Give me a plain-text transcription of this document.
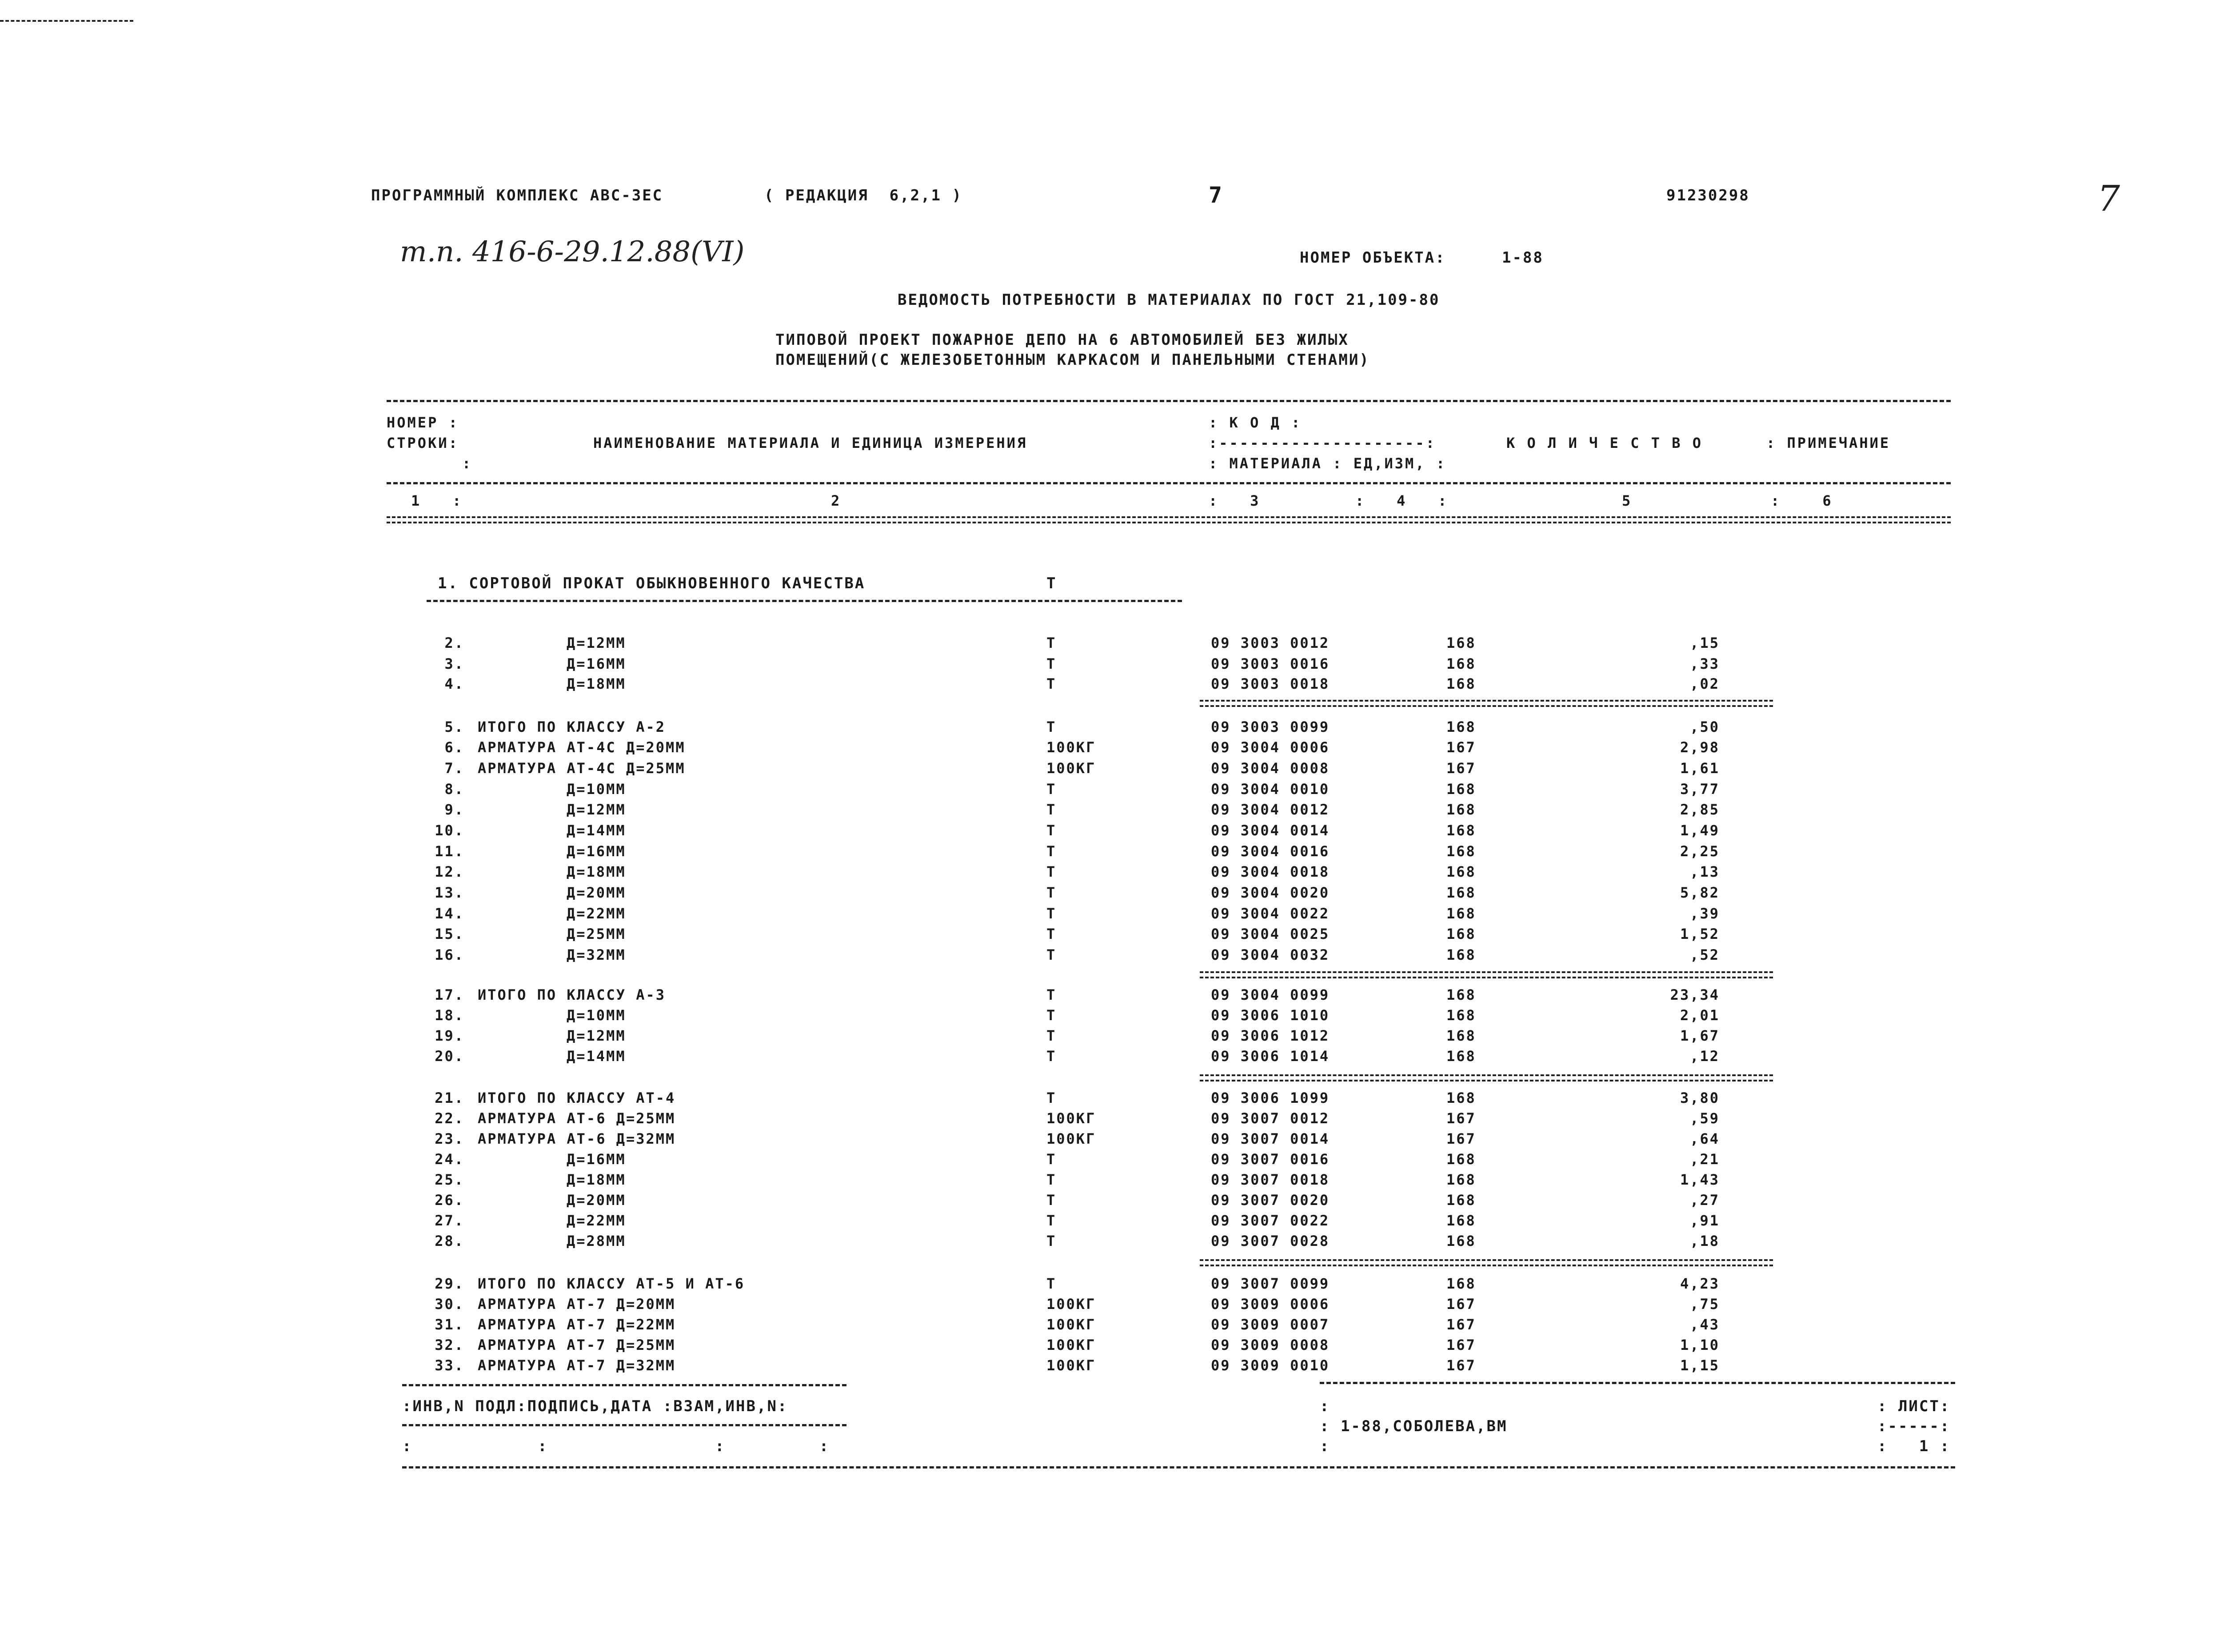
ПРОГРАММНЫЙ КОМПЛЕКС АВС-ЗЕС	( РЕДАКЦИЯ  6,2,1 )	7	91230298	7
т.п. 416-6-29.12.88(VI)	НОМЕР ОБЪЕКТА:	1-88
ВЕДОМОСТЬ ПОТРЕБНОСТИ В МАТЕРИАЛАХ ПО ГОСТ 21,109-80
ТИПОВОЙ ПРОЕКТ ПОЖАРНОЕ ДЕПО НА 6 АВТОМОБИЛЕЙ БЕЗ ЖИЛЫХ
ПОМЕЩЕНИЙ(С ЖЕЛЕЗОБЕТОННЫМ КАРКАСОМ И ПАНЕЛЬНЫМИ СТЕНАМИ)
НОМЕР :
СТРОКИ:
:
НАИМЕНОВАНИЕ МАТЕРИАЛА И ЕДИНИЦА ИЗМЕРЕНИЯ
: К О Д :
:--------------------:
: МАТЕРИАЛА : ЕД,ИЗМ, :
К О Л И Ч Е С Т В О	: ПРИМЕЧАНИЕ
1   :	2	:   3	:   4   :	5	:    6
1. СОРТОВОЙ ПРОКАТ ОБЫКНОВЕННОГО КАЧЕСТВА	Т
2.	Д=12ММ	Т	09 3003 0012	168	,15
3.	Д=16ММ	Т	09 3003 0016	168	,33
4.	Д=18ММ	Т	09 3003 0018	168	,02
5. ИТОГО ПО КЛАССУ А-2	Т	09 3003 0099	168	,50
6. АРМАТУРА АТ-4С Д=20ММ	100КГ	09 3004 0006	167	2,98
7. АРМАТУРА АТ-4С Д=25ММ	100КГ	09 3004 0008	167	1,61
8.	Д=10ММ	Т	09 3004 0010	168	3,77
9.	Д=12ММ	Т	09 3004 0012	168	2,85
10.	Д=14ММ	Т	09 3004 0014	168	1,49
11.	Д=16ММ	Т	09 3004 0016	168	2,25
12.	Д=18ММ	Т	09 3004 0018	168	,13
13.	Д=20ММ	Т	09 3004 0020	168	5,82
14.	Д=22ММ	Т	09 3004 0022	168	,39
15.	Д=25ММ	Т	09 3004 0025	168	1,52
16.	Д=32ММ	Т	09 3004 0032	168	,52
17. ИТОГО ПО КЛАССУ А-3	Т	09 3004 0099	168	23,34
18.	Д=10ММ	Т	09 3006 1010	168	2,01
19.	Д=12ММ	Т	09 3006 1012	168	1,67
20.	Д=14ММ	Т	09 3006 1014	168	,12
21. ИТОГО ПО КЛАССУ АТ-4	Т	09 3006 1099	168	3,80
22. АРМАТУРА АТ-6 Д=25ММ	100КГ	09 3007 0012	167	,59
23. АРМАТУРА АТ-6 Д=32ММ	100КГ	09 3007 0014	167	,64
24.	Д=16ММ	Т	09 3007 0016	168	,21
25.	Д=18ММ	Т	09 3007 0018	168	1,43
26.	Д=20ММ	Т	09 3007 0020	168	,27
27.	Д=22ММ	Т	09 3007 0022	168	,91
28.	Д=28ММ	Т	09 3007 0028	168	,18
29. ИТОГО ПО КЛАССУ АТ-5 И АТ-6	Т	09 3007 0099	168	4,23
30. АРМАТУРА АТ-7 Д=20ММ	100КГ	09 3009 0006	167	,75
31. АРМАТУРА АТ-7 Д=22ММ	100КГ	09 3009 0007	167	,43
32. АРМАТУРА АТ-7 Д=25ММ	100КГ	09 3009 0008	167	1,10
33. АРМАТУРА АТ-7 Д=32ММ	100КГ	09 3009 0010	167	1,15
:ИНВ,N ПОДЛ:ПОДПИСЬ,ДАТА :ВЗАМ,ИНВ,N:
:            :                :         :
:
: 1-88,СОБОЛЕВА,ВМ
:
: ЛИСТ:
:-----:
:   1 :
